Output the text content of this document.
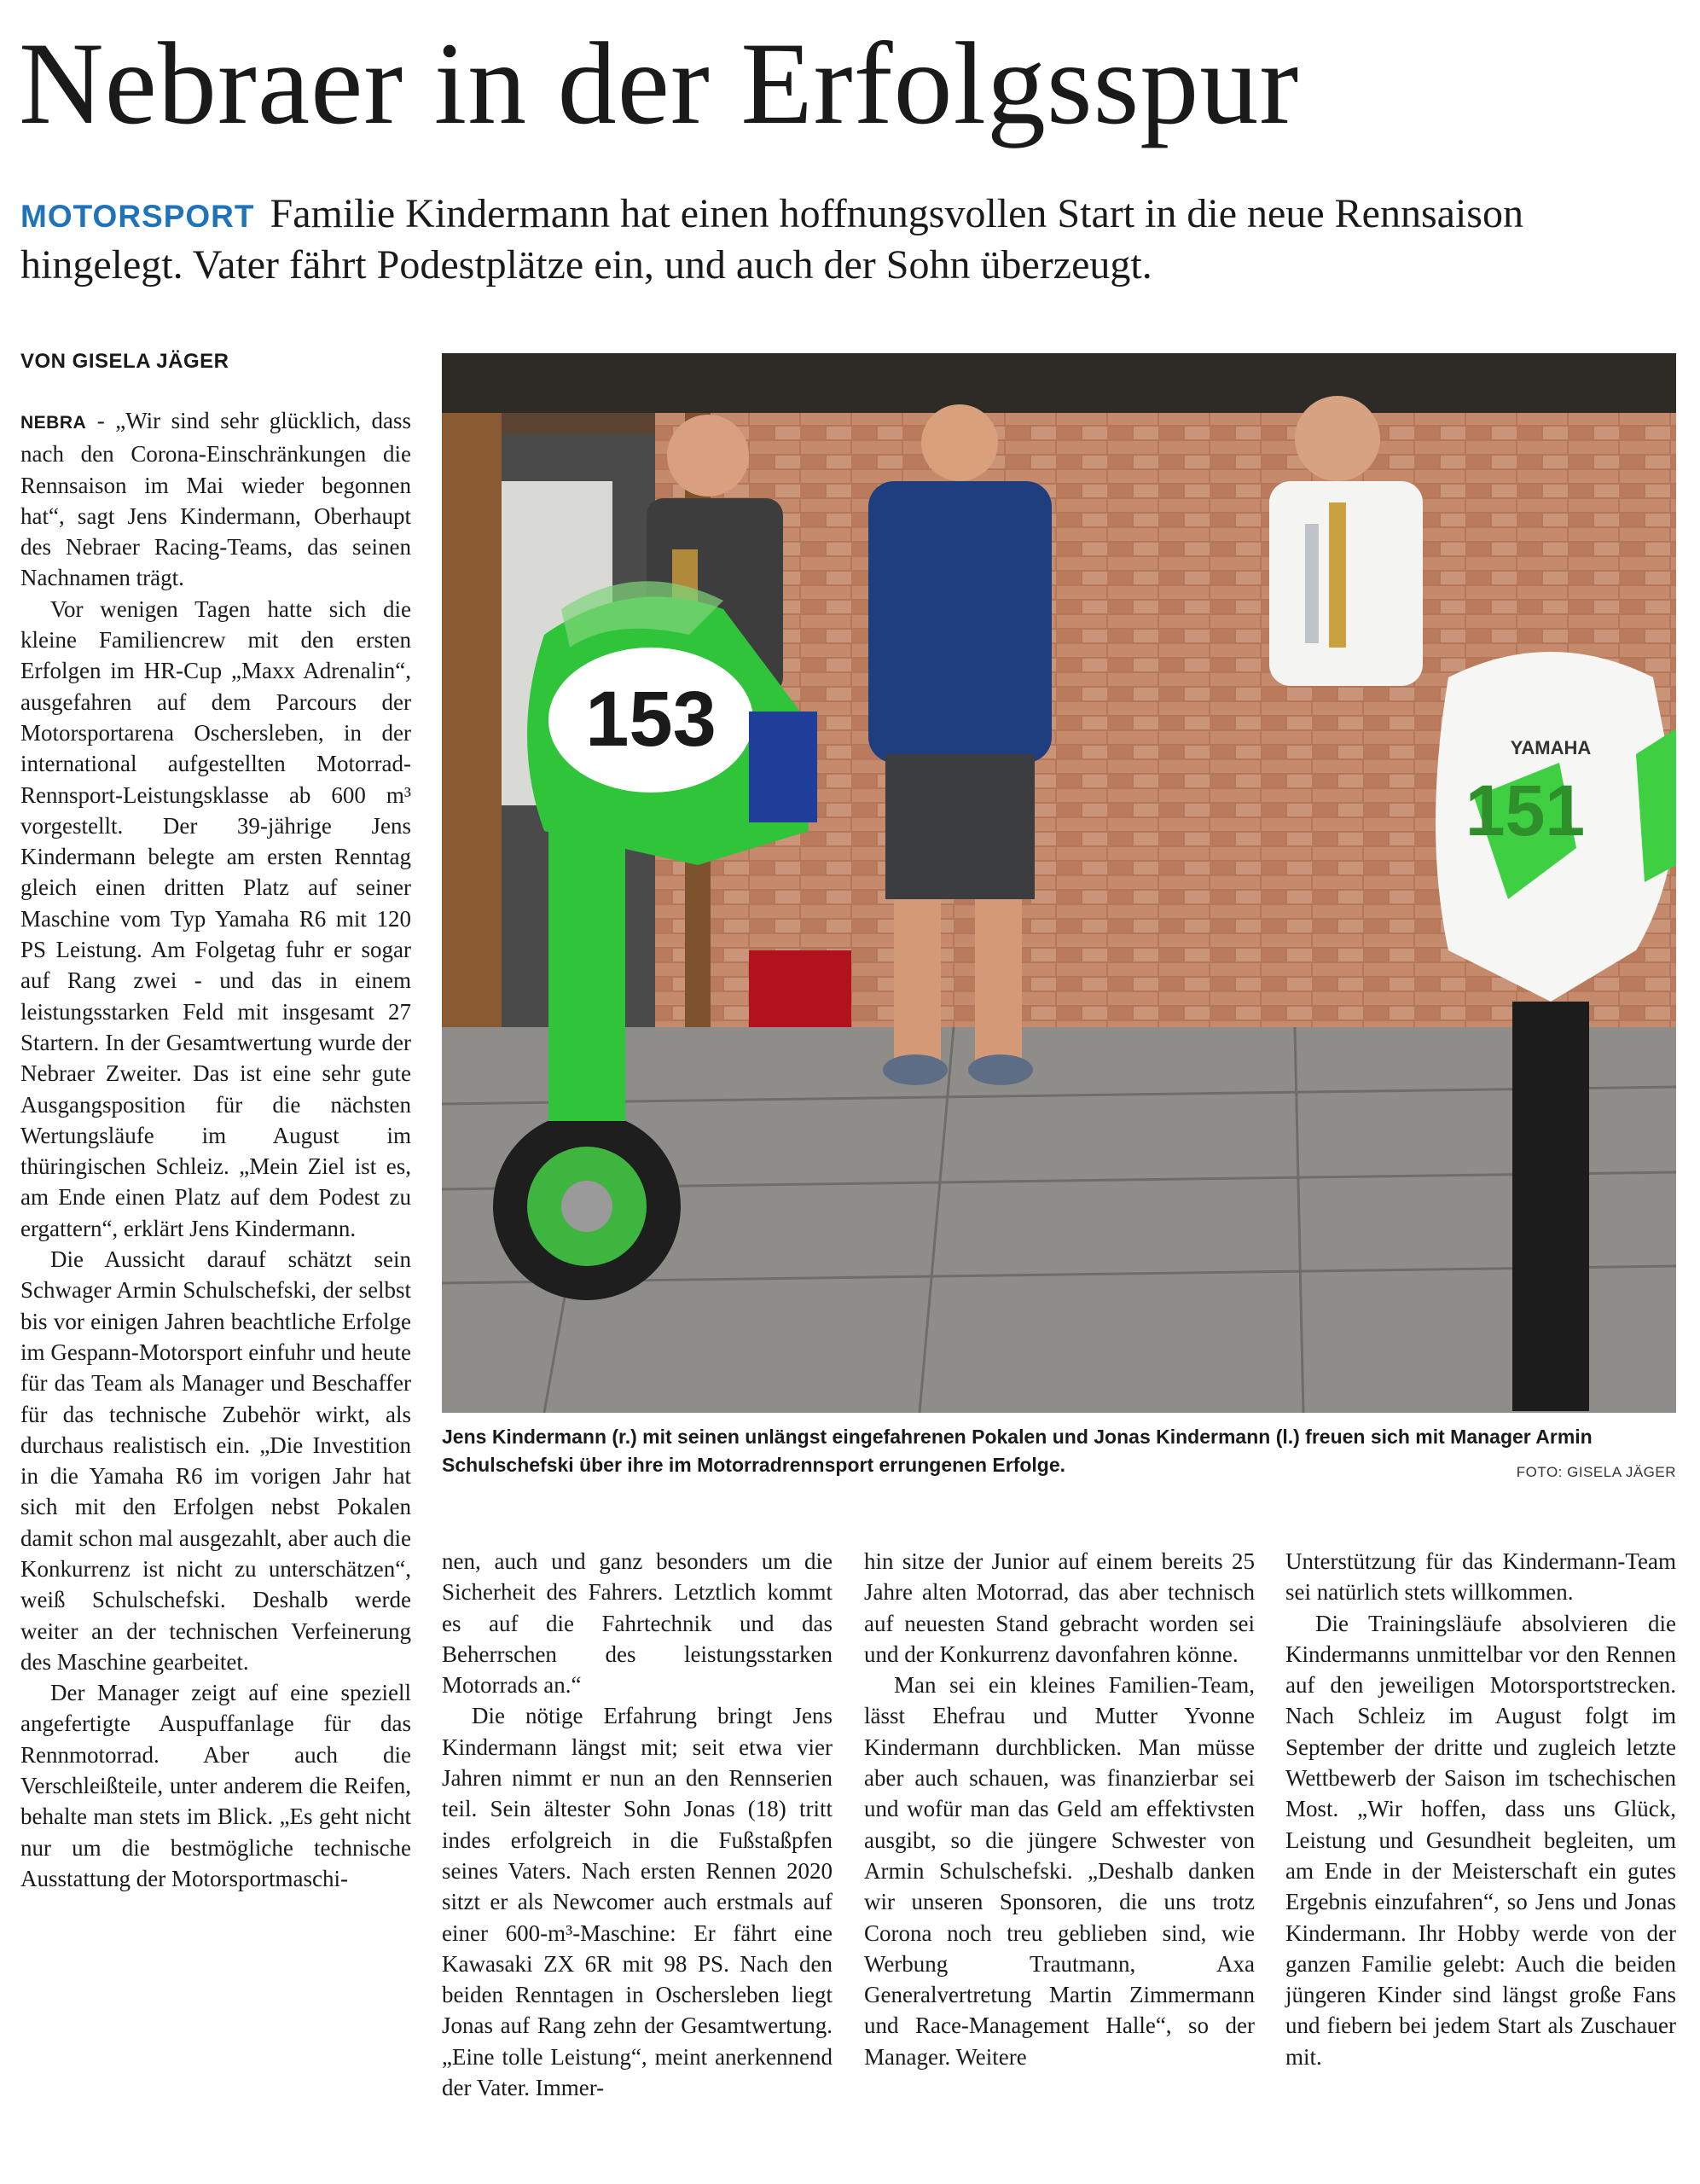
Nebraer in der Erfolgsspur

MOTORSPORT Familie Kindermann hat einen hoffnungsvollen Start in die neue Rennsaison hingelegt. Vater fährt Podestplätze ein, und auch der Sohn überzeugt.

VON GISELA JÄGER

NEBRA - „Wir sind sehr glücklich, dass nach den Corona-Einschränkungen die Rennsaison im Mai wieder begonnen hat“, sagt Jens Kindermann, Oberhaupt des Nebraer Racing-Teams, das seinen Nachnamen trägt.

Vor wenigen Tagen hatte sich die kleine Familiencrew mit den ersten Erfolgen im HR-Cup „Maxx Adrenalin“, ausgefahren auf dem Parcours der Motorsportarena Oschersleben, in der international aufgestellten Motorrad-Rennsport-Leistungsklasse ab 600 m³ vorgestellt. Der 39-jährige Jens Kindermann belegte am ersten Renntag gleich einen dritten Platz auf seiner Maschine vom Typ Yamaha R6 mit 120 PS Leistung. Am Folgetag fuhr er sogar auf Rang zwei - und das in einem leistungsstarken Feld mit insgesamt 27 Startern. In der Gesamtwertung wurde der Nebraer Zweiter. Das ist eine sehr gute Ausgangsposition für die nächsten Wertungsläufe im August im thüringischen Schleiz. „Mein Ziel ist es, am Ende einen Platz auf dem Podest zu ergattern“, erklärt Jens Kindermann.

Die Aussicht darauf schätzt sein Schwager Armin Schulschefski, der selbst bis vor einigen Jahren beachtliche Erfolge im Gespann-Motorsport einfuhr und heute für das Team als Manager und Beschaffer für das technische Zubehör wirkt, als durchaus realistisch ein. „Die Investition in die Yamaha R6 im vorigen Jahr hat sich mit den Erfolgen nebst Pokalen damit schon mal ausgezahlt, aber auch die Konkurrenz ist nicht zu unterschätzen“, weiß Schulschefski. Deshalb werde weiter an der technischen Verfeinerung des Maschine gearbeitet.

Der Manager zeigt auf eine speziell angefertigte Auspuffanlage für das Rennmotorrad. Aber auch die Verschleißteile, unter anderem die Reifen, behalte man stets im Blick. „Es geht nicht nur um die bestmögliche technische Ausstattung der Motorsportmaschi-

153
151
YAMAHA

Jens Kindermann (r.) mit seinen unlängst eingefahrenen Pokalen und Jonas Kindermann (l.) freuen sich mit Manager Armin Schulschefski über ihre im Motorradrennsport errungenen Erfolge.	FOTO: GISELA JÄGER

nen, auch und ganz besonders um die Sicherheit des Fahrers. Letztlich kommt es auf die Fahrtechnik und das Beherrschen des leistungsstarken Motorrads an.“

Die nötige Erfahrung bringt Jens Kindermann längst mit; seit etwa vier Jahren nimmt er nun an den Rennserien teil. Sein ältester Sohn Jonas (18) tritt indes erfolgreich in die Fußstaßpfen seines Vaters. Nach ersten Rennen 2020 sitzt er als Newcomer auch erstmals auf einer 600-m³-Maschine: Er fährt eine Kawasaki ZX 6R mit 98 PS. Nach den beiden Renntagen in Oschersleben liegt Jonas auf Rang zehn der Gesamtwertung. „Eine tolle Leistung“, meint anerkennend der Vater. Immer-

hin sitze der Junior auf einem bereits 25 Jahre alten Motorrad, das aber technisch auf neuesten Stand gebracht worden sei und der Konkurrenz davonfahren könne.

Man sei ein kleines Familien-Team, lässt Ehefrau und Mutter Yvonne Kindermann durchblicken. Man müsse aber auch schauen, was finanzierbar sei und wofür man das Geld am effektivsten ausgibt, so die jüngere Schwester von Armin Schulschefski. „Deshalb danken wir unseren Sponsoren, die uns trotz Corona noch treu geblieben sind, wie Werbung Trautmann, Axa Generalvertretung Martin Zimmermann und Race-Management Halle“, so der Manager. Weitere

Unterstützung für das Kindermann-Team sei natürlich stets willkommen.

Die Trainingsläufe absolvieren die Kindermanns unmittelbar vor den Rennen auf den jeweiligen Motorsportstrecken. Nach Schleiz im August folgt im September der dritte und zugleich letzte Wettbewerb der Saison im tschechischen Most. „Wir hoffen, dass uns Glück, Leistung und Gesundheit begleiten, um am Ende in der Meisterschaft ein gutes Ergebnis einzufahren“, so Jens und Jonas Kindermann. Ihr Hobby werde von der ganzen Familie gelebt: Auch die beiden jüngeren Kinder sind längst große Fans und fiebern bei jedem Start als Zuschauer mit.
